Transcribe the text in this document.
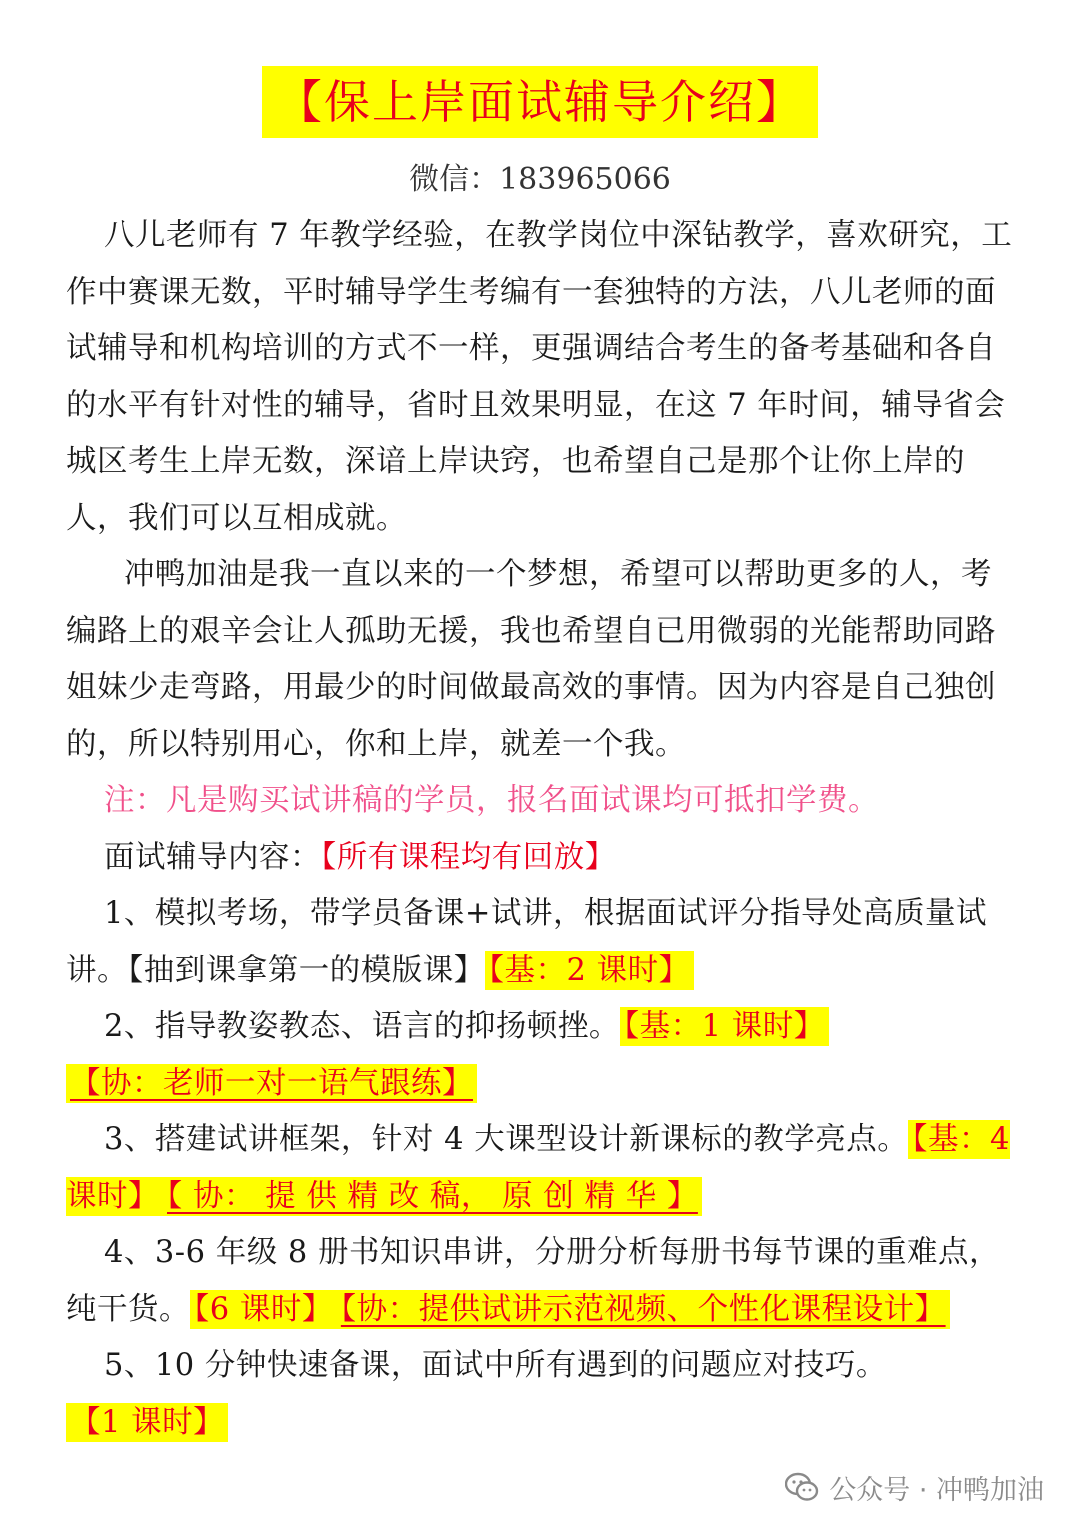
【保上岸面试辅导介绍】
微信：183965066

八儿老师有 7 年教学经验，在教学岗位中深钻教学，喜欢研究，工作中赛课无数，平时辅导学生考编有一套独特的方法，八儿老师的面试辅导和机构培训的方式不一样，更强调结合考生的备考基础和各自的水平有针对性的辅导，省时且效果明显，在这 7 年时间，辅导省会城区考生上岸无数，深谙上岸诀窍，也希望自己是那个让你上岸的人，我们可以互相成就。

冲鸭加油是我一直以来的一个梦想，希望可以帮助更多的人，考编路上的艰辛会让人孤助无援，我也希望自已用微弱的光能帮助同路姐妹少走弯路，用最少的时间做最高效的事情。因为内容是自己独创的，所以特别用心，你和上岸，就差一个我。

注：凡是购买试讲稿的学员，报名面试课均可抵扣学费。

面试辅导内容：【所有课程均有回放】

1、模拟考场，带学员备课+试讲，根据面试评分指导处高质量试讲。【抽到课拿第一的模版课】 【基：2 课时】

2、指导教姿教态、语言的抑扬顿挫。 【基：1 课时】
【协：老师一对一语气跟练】

3、搭建试讲框架，针对 4 大课型设计新课标的教学亮点。 【基：4 课时】 【 协： 提 供 精 改 稿， 原 创 精 华 】

4、3-6 年级 8 册书知识串讲，分册分析每册书每节课的重难点，纯干货。 【6 课时】 【协：提供试讲示范视频、个性化课程设计】

5、10 分钟快速备课，面试中所有遇到的问题应对技巧。【1 课时】

公众号 · 冲鸭加油
